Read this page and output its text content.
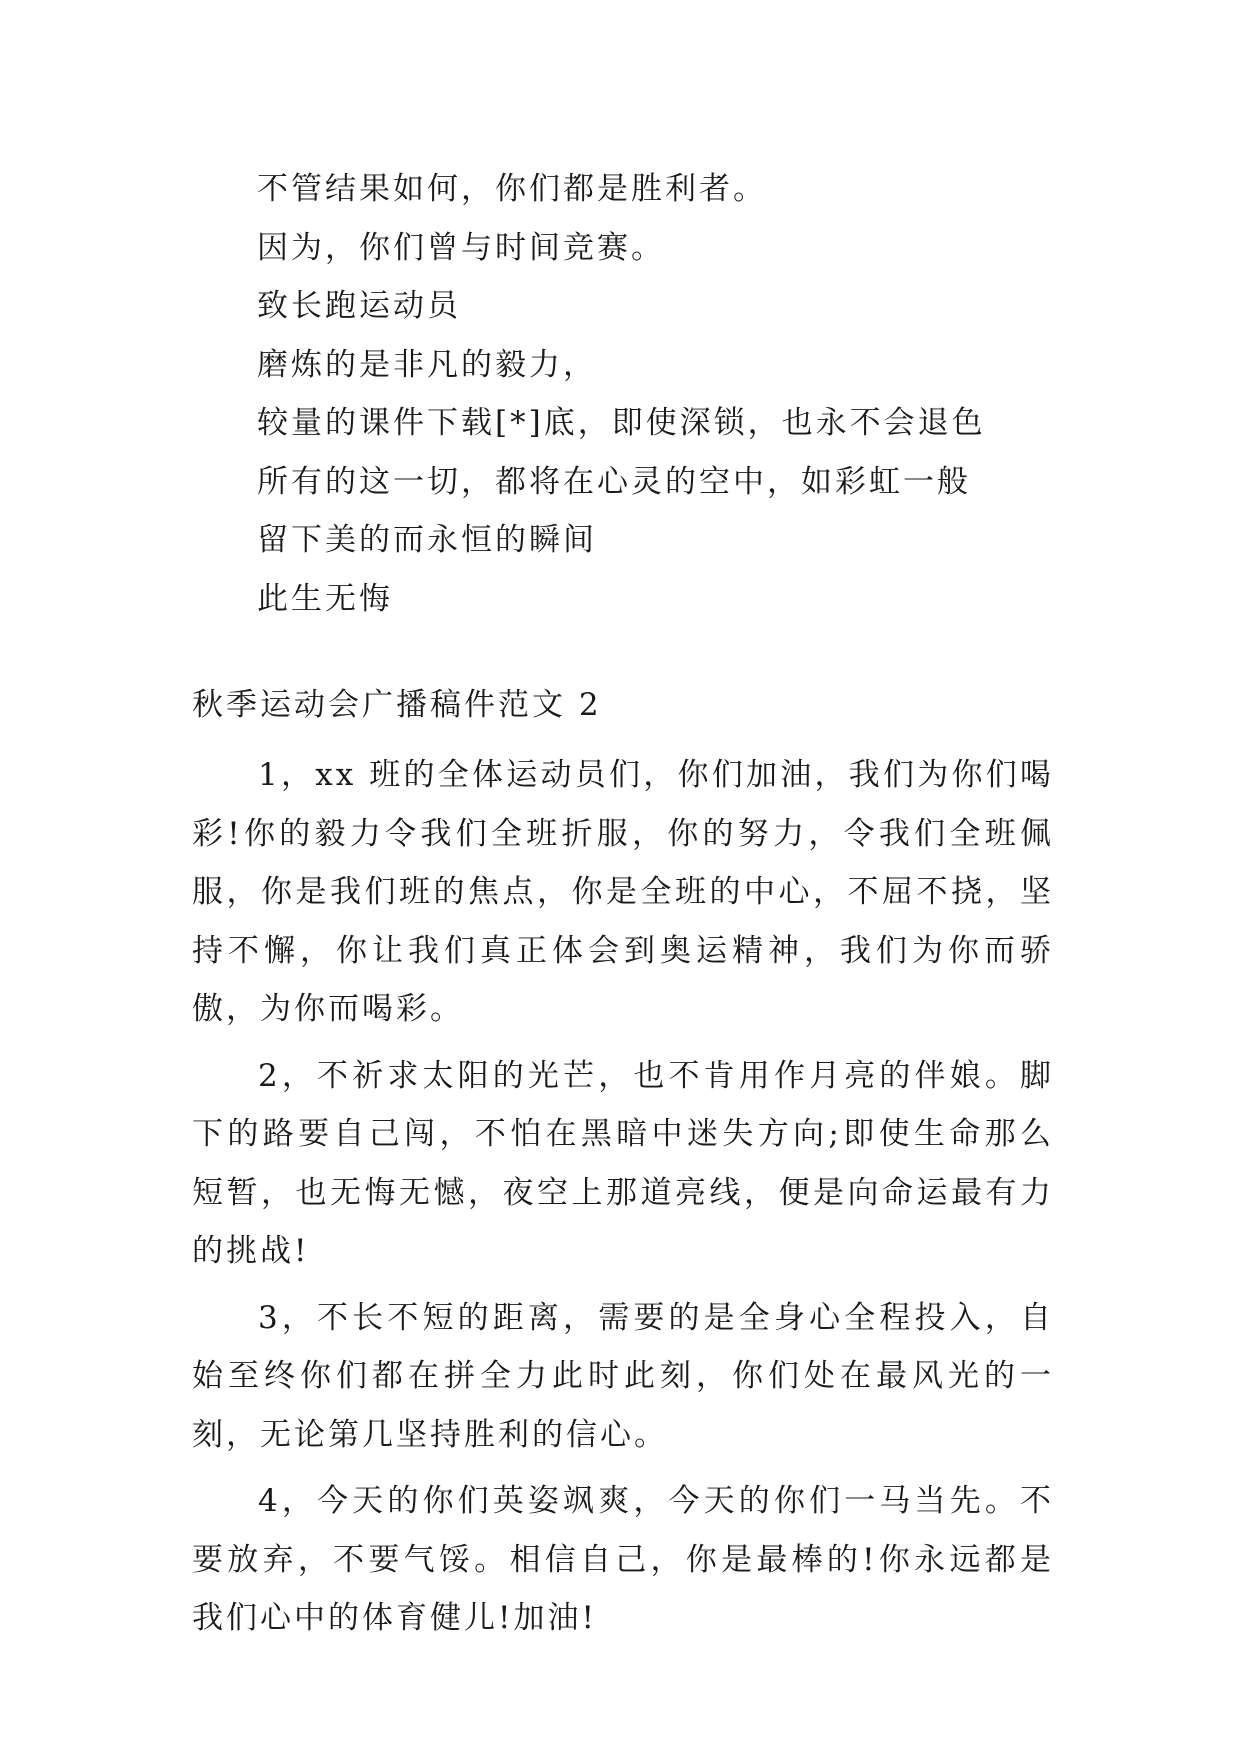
不管结果如何，你们都是胜利者。
因为，你们曾与时间竞赛。
致长跑运动员
磨炼的是非凡的毅力，
较量的课件下载[*]底，即使深锁，也永不会退色
所有的这一切，都将在心灵的空中，如彩虹一般
留下美的而永恒的瞬间
此生无悔
秋季运动会广播稿件范文 2

1，xx 班的全体运动员们，你们加油，我们为你们喝彩!你的毅力令我们全班折服，你的努力，令我们全班佩服，你是我们班的焦点，你是全班的中心，不屈不挠，坚持不懈，你让我们真正体会到奥运精神，我们为你而骄傲，为你而喝彩。

2，不祈求太阳的光芒，也不肯用作月亮的伴娘。脚下的路要自己闯，不怕在黑暗中迷失方向;即使生命那么短暂，也无悔无憾，夜空上那道亮线，便是向命运最有力的挑战!

3，不长不短的距离，需要的是全身心全程投入，自始至终你们都在拼全力此时此刻，你们处在最风光的一刻，无论第几坚持胜利的信心。

4，今天的你们英姿飒爽，今天的你们一马当先。不要放弃，不要气馁。相信自己，你是最棒的!你永远都是我们心中的体育健儿!加油!
